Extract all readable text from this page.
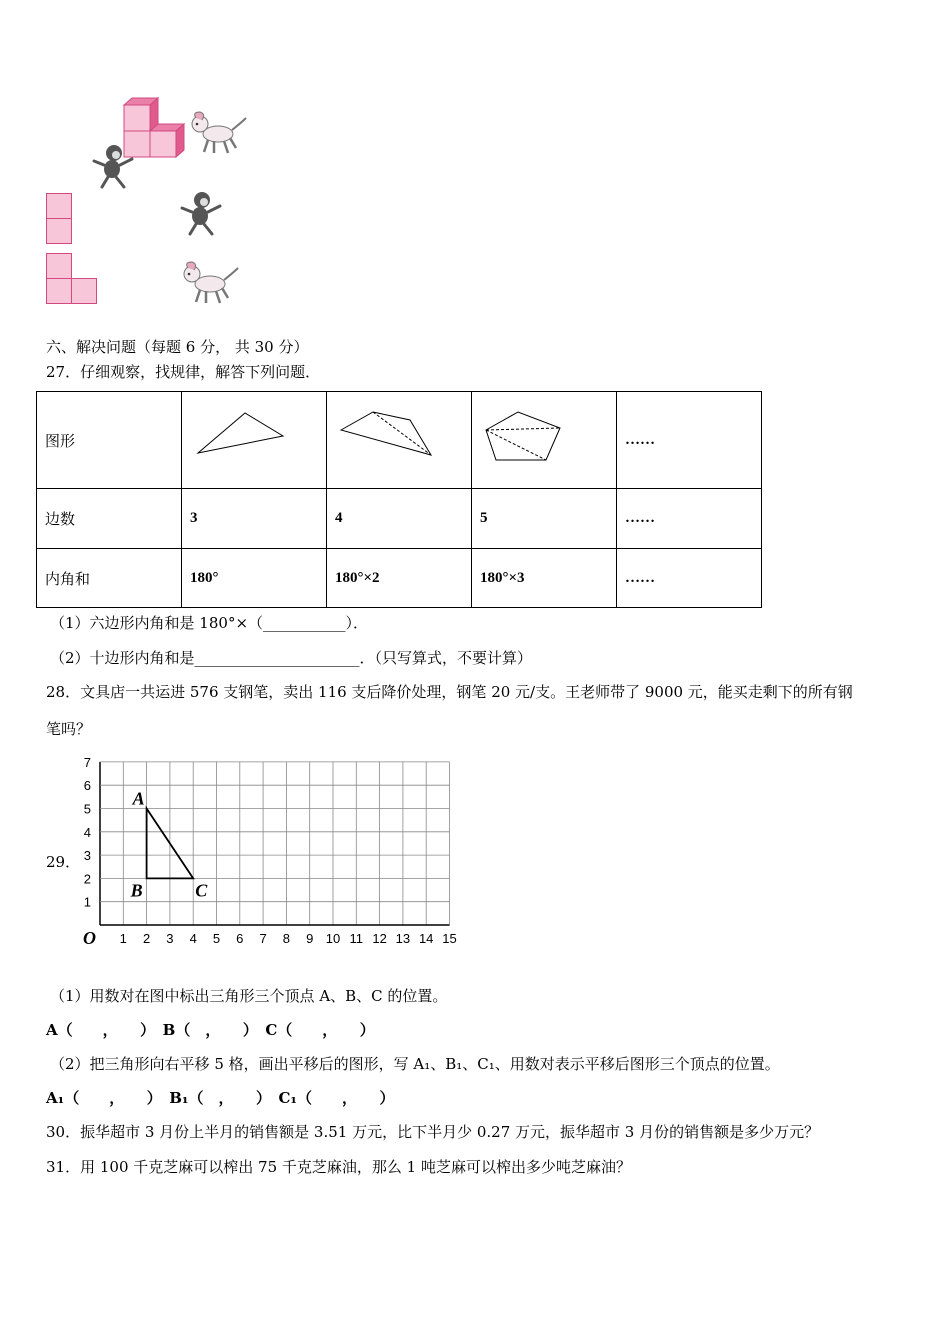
六、解决问题（每题 6 分， 共 30 分）
27．仔细观察，找规律，解答下列问题．
图形				……
边数	3	4	5	……
内角和	180°	180°×2	180°×3	……
（1）六边形内角和是 180°×（___________）．
（2）十边形内角和是______________________．（只写算式，不要计算）
28．文具店一共运进 576 支钢笔，卖出 116 支后降价处理，钢笔 20 元/支。王老师带了 9000 元，能买走剩下的所有钢
笔吗？
29．
1 2 3 4 5 6 7 8 9 10 11 12 13 14 15
1
2
3
4
5
6
7
O
A
B	C
（1）用数对在图中标出三角形三个顶点 A、B、C 的位置。
A（　　，　　）　B（　，　　）　C（　　，　　）
（2）把三角形向右平移 5 格，画出平移后的图形，写 A₁、B₁、C₁、用数对表示平移后图形三个顶点的位置。
A₁（　　，　　）　B₁（　，　　）　C₁（　　，　　）
30．振华超市 3 月份上半月的销售额是 3.51 万元，比下半月少 0.27 万元，振华超市 3 月份的销售额是多少万元？
31．用 100 千克芝麻可以榨出 75 千克芝麻油，那么 1 吨芝麻可以榨出多少吨芝麻油？
